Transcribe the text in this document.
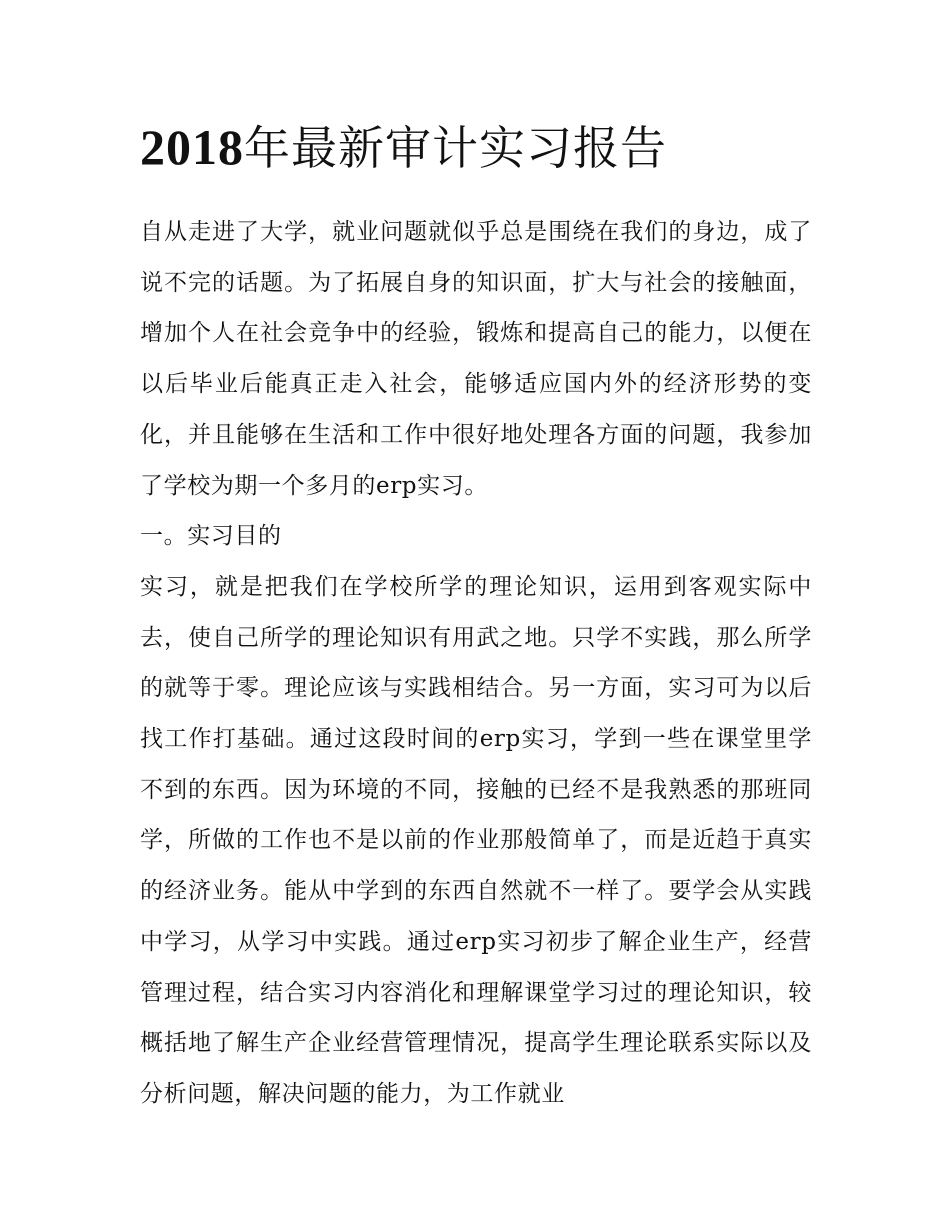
2018年最新审计实习报告

自从走进了大学，就业问题就似乎总是围绕在我们的身边，成了说不完的话题。为了拓展自身的知识面，扩大与社会的接触面，增加个人在社会竞争中的经验，锻炼和提高自己的能力，以便在以后毕业后能真正走入社会，能够适应国内外的经济形势的变化，并且能够在生活和工作中很好地处理各方面的问题，我参加了学校为期一个多月的erp实习。

一。实习目的

实习，就是把我们在学校所学的理论知识，运用到客观实际中去，使自己所学的理论知识有用武之地。只学不实践，那么所学的就等于零。理论应该与实践相结合。另一方面，实习可为以后找工作打基础。通过这段时间的erp实习，学到一些在课堂里学不到的东西。因为环境的不同，接触的已经不是我熟悉的那班同学，所做的工作也不是以前的作业那般简单了，而是近趋于真实的经济业务。能从中学到的东西自然就不一样了。要学会从实践中学习，从学习中实践。通过erp实习初步了解企业生产，经营管理过程，结合实习内容消化和理解课堂学习过的理论知识，较概括地了解生产企业经营管理情况，提高学生理论联系实际以及分析问题，解决问题的能力，为工作就业
